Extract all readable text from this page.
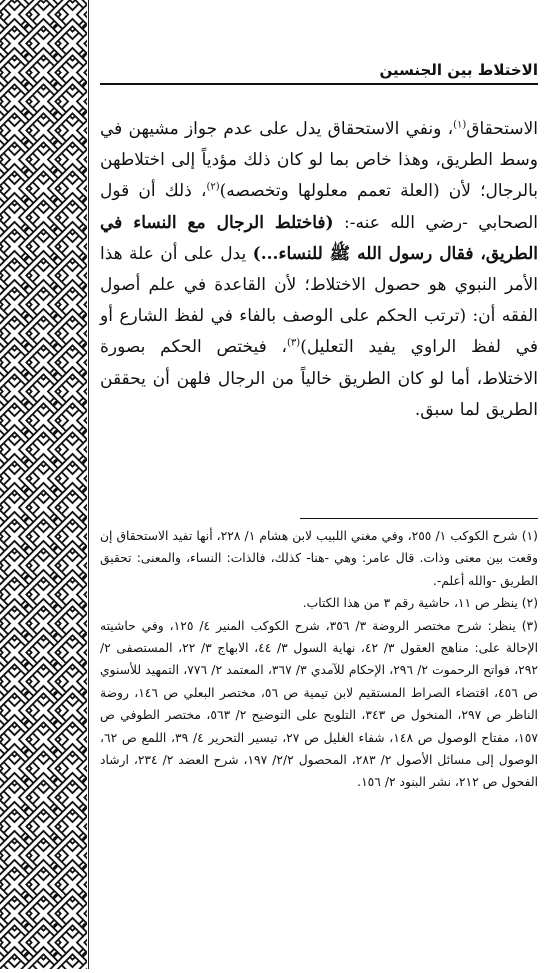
الاختلاط بين الجنسين

الاستحقاق$^{(١)}$، ونفي الاستحقاق يدل على عدم جواز مشيهن في وسط الطريق، وهذا خاص بما لو كان ذلك مؤدياً إلى اختلاطهن بالرجال؛ لأن (العلة تعمم معلولها وتخصصه)$^{(٢)}$، ذلك أن قول الصحابي -رضي الله عنه-: (فاختلط الرجال مع النساء في الطريق، فقال رسول الله ﷺ للنساء...) يدل على أن علة هذا الأمر النبوي هو حصول الاختلاط؛ لأن القاعدة في علم أصول الفقه أن: (ترتب الحكم على الوصف بالفاء في لفظ الشارع أو في لفظ الراوي يفيد التعليل)$^{(٣)}$، فيختص الحكم بصورة الاختلاط، أما لو كان الطريق خالياً من الرجال فلهن أن يحققن الطريق لما سبق.

(١) شرح الكوكب ١/ ٢٥٥، وفي مغني اللبيب لابن هشام ١/ ٢٢٨، أنها تفيد الاستحقاق إن وقعت بين معنى وذات. قال عامر: وهي -هنا- كذلك، فالذات: النساء، والمعنى: تحقيق الطريق -والله أعلم-.

(٢) ينظر ص ١١، حاشية رقم ٣ من هذا الكتاب.

(٣) ينظر: شرح مختصر الروضة ٣/ ٣٥٦، شرح الكوكب المنير ٤/ ١٢٥، وفي حاشيته الإحالة على: مناهج العقول ٣/ ٤٢، نهاية السول ٣/ ٤٤، الابهاج ٣/ ٢٢، المستصفى ٢/ ٢٩٢، فواتح الرحموت ٢/ ٢٩٦، الإحكام للآمدي ٣/ ٣٦٧، المعتمد ٢/ ٧٧٦، التمهيد للأسنوي ص ٤٥٦، اقتضاء الصراط المستقيم لابن تيمية ص ٥٦، مختصر البعلي ص ١٤٦، روضة الناظر ص ٢٩٧، المنخول ص ٣٤٣، التلويح على التوضيح ٢/ ٥٦٣، مختصر الطوفي ص ١٥٧، مفتاح الوصول ص ١٤٨، شفاء الغليل ص ٢٧، تيسير التحرير ٤/ ٣٩، اللمع ص ٦٢، الوصول إلى مسائل الأصول ٢/ ٢٨٣، المحصول ٢/٢/ ١٩٧، شرح العضد ٢/ ٢٣٤، ارشاد الفحول ص ٢١٢، نشر البنود ٢/ ١٥٦.
